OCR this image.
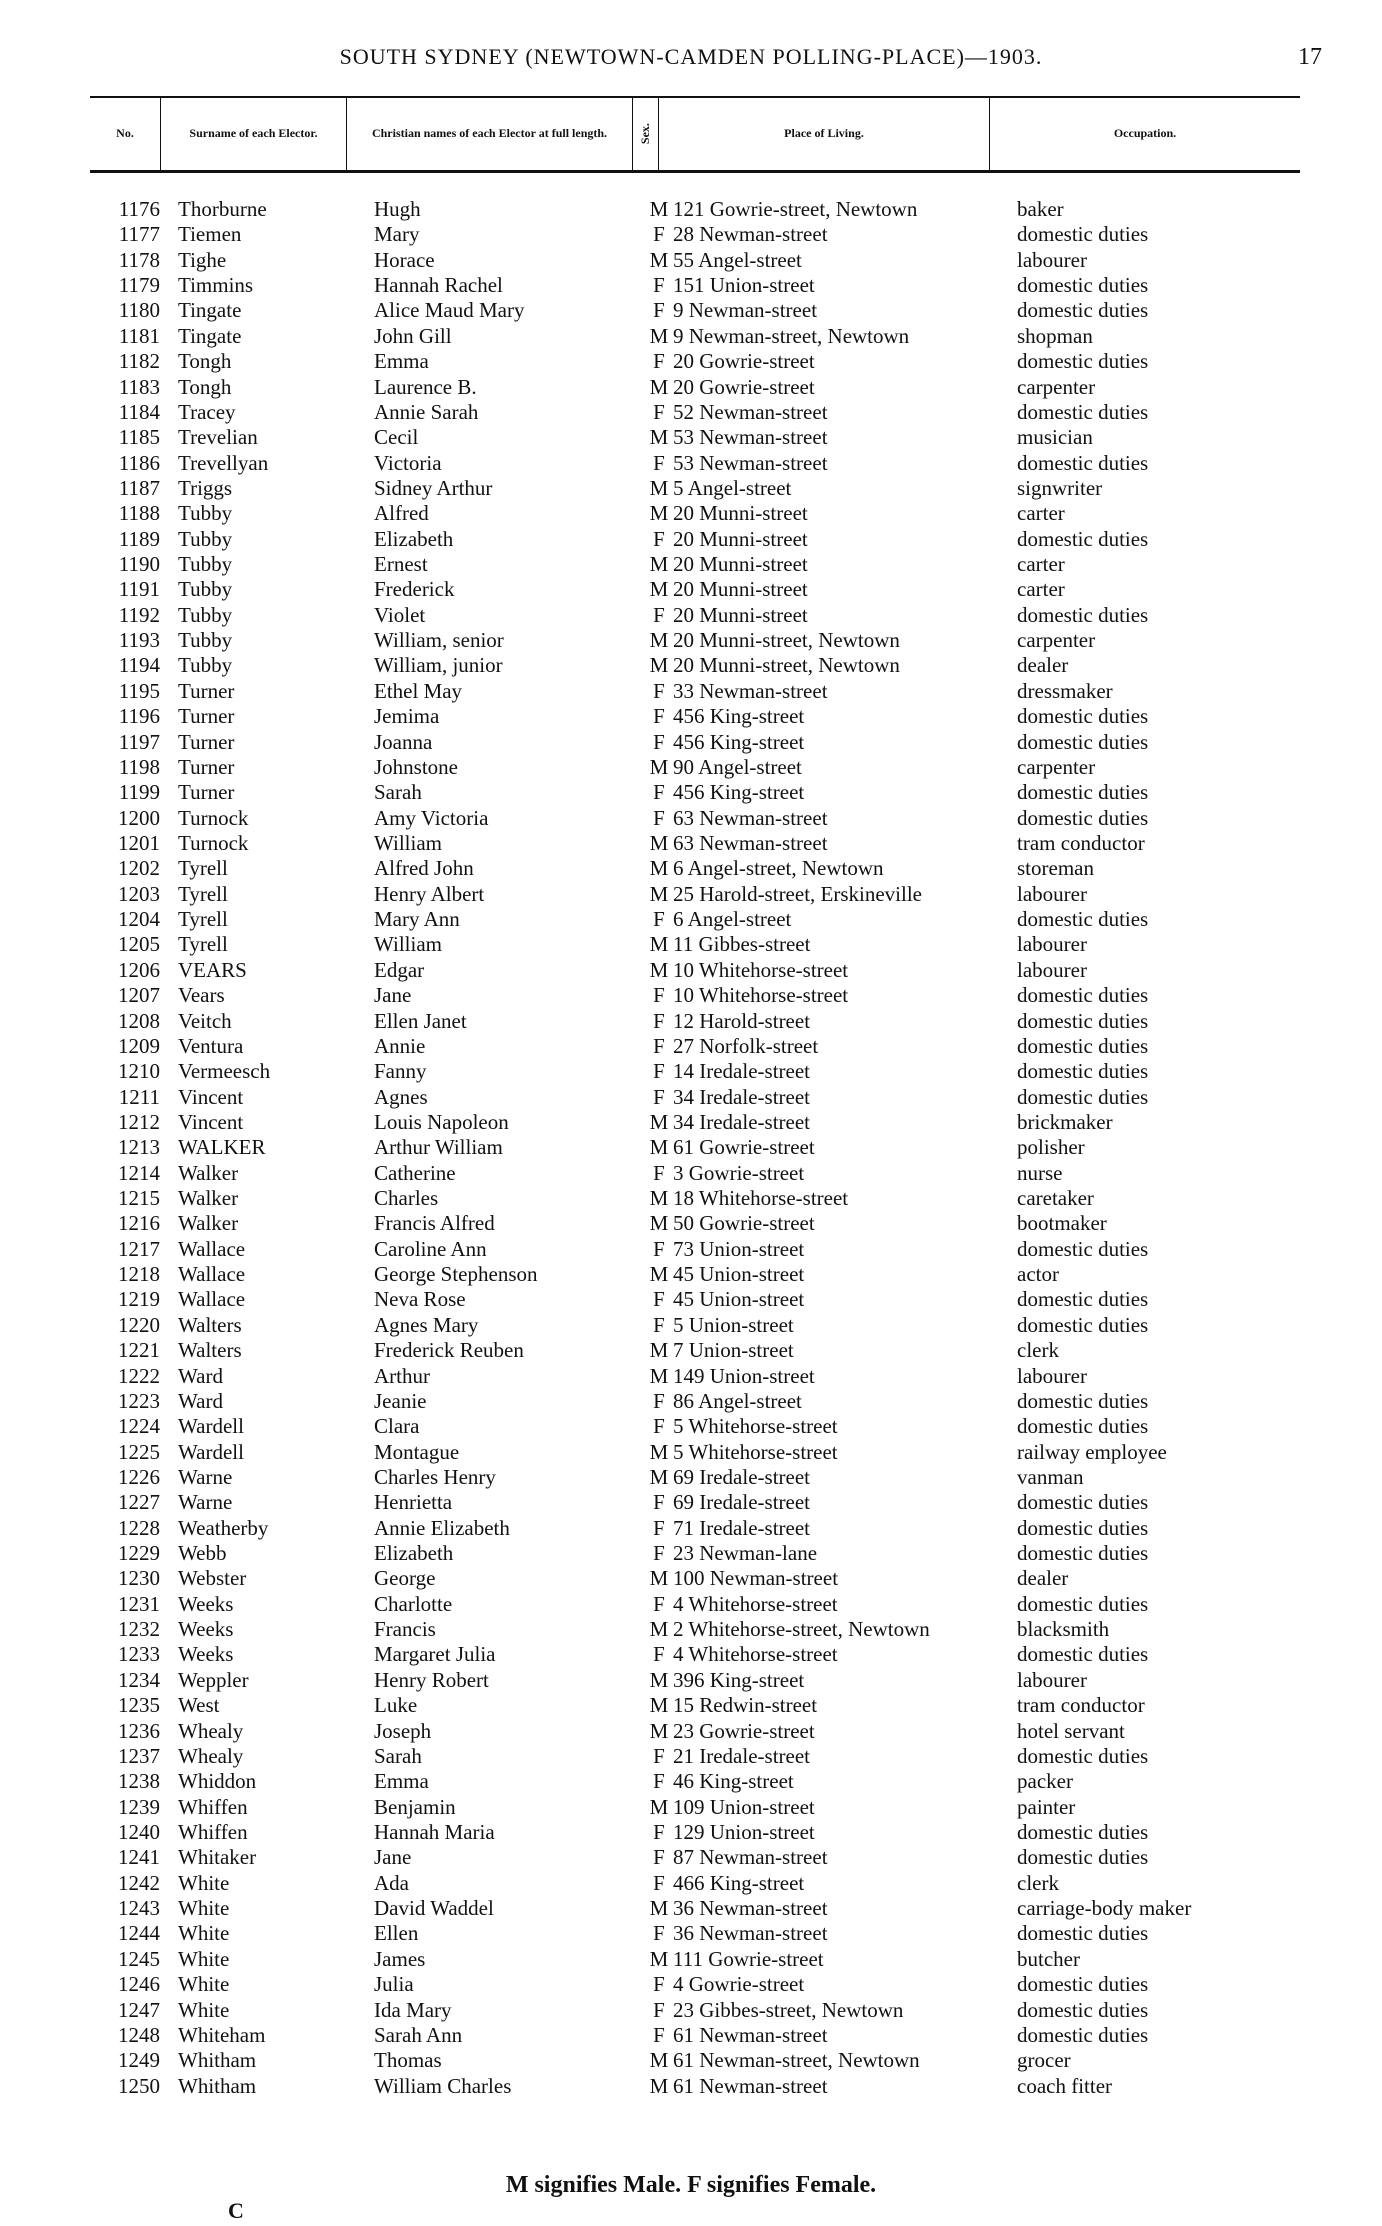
SOUTH SYDNEY (NEWTOWN-CAMDEN POLLING-PLACE)—1903.	17
No.	Surname of each Elector.	Christian names of each Elector at full length.	Sex.	Place of Living.	Occupation.
1176 Thorburne	Hugh	M 121 Gowrie-street, Newtown	baker
1177 Tiemen	Mary	F 28 Newman-street	domestic duties
1178 Tighe	Horace	M 55 Angel-street	labourer
1179 Timmins	Hannah Rachel	F 151 Union-street	domestic duties
1180 Tingate	Alice Maud Mary	F 9 Newman-street	domestic duties
1181 Tingate	John Gill	M 9 Newman-street, Newtown	shopman
1182 Tongh	Emma	F 20 Gowrie-street	domestic duties
1183 Tongh	Laurence B.	M 20 Gowrie-street	carpenter
1184 Tracey	Annie Sarah	F 52 Newman-street	domestic duties
1185 Trevelian	Cecil	M 53 Newman-street	musician
1186 Trevellyan	Victoria	F 53 Newman-street	domestic duties
1187 Triggs	Sidney Arthur	M 5 Angel-street	signwriter
1188 Tubby	Alfred	M 20 Munni-street	carter
1189 Tubby	Elizabeth	F 20 Munni-street	domestic duties
1190 Tubby	Ernest	M 20 Munni-street	carter
1191 Tubby	Frederick	M 20 Munni-street	carter
1192 Tubby	Violet	F 20 Munni-street	domestic duties
1193 Tubby	William, senior	M 20 Munni-street, Newtown	carpenter
1194 Tubby	William, junior	M 20 Munni-street, Newtown	dealer
1195 Turner	Ethel May	F 33 Newman-street	dressmaker
1196 Turner	Jemima	F 456 King-street	domestic duties
1197 Turner	Joanna	F 456 King-street	domestic duties
1198 Turner	Johnstone	M 90 Angel-street	carpenter
1199 Turner	Sarah	F 456 King-street	domestic duties
1200 Turnock	Amy Victoria	F 63 Newman-street	domestic duties
1201 Turnock	William	M 63 Newman-street	tram conductor
1202 Tyrell	Alfred John	M 6 Angel-street, Newtown	storeman
1203 Tyrell	Henry Albert	M 25 Harold-street, Erskineville	labourer
1204 Tyrell	Mary Ann	F 6 Angel-street	domestic duties
1205 Tyrell	William	M 11 Gibbes-street	labourer
1206 VEARS	Edgar	M 10 Whitehorse-street	labourer
1207 Vears	Jane	F 10 Whitehorse-street	domestic duties
1208 Veitch	Ellen Janet	F 12 Harold-street	domestic duties
1209 Ventura	Annie	F 27 Norfolk-street	domestic duties
1210 Vermeesch	Fanny	F 14 Iredale-street	domestic duties
1211 Vincent	Agnes	F 34 Iredale-street	domestic duties
1212 Vincent	Louis Napoleon	M 34 Iredale-street	brickmaker
1213 WALKER	Arthur William	M 61 Gowrie-street	polisher
1214 Walker	Catherine	F 3 Gowrie-street	nurse
1215 Walker	Charles	M 18 Whitehorse-street	caretaker
1216 Walker	Francis Alfred	M 50 Gowrie-street	bootmaker
1217 Wallace	Caroline Ann	F 73 Union-street	domestic duties
1218 Wallace	George Stephenson	M 45 Union-street	actor
1219 Wallace	Neva Rose	F 45 Union-street	domestic duties
1220 Walters	Agnes Mary	F 5 Union-street	domestic duties
1221 Walters	Frederick Reuben	M 7 Union-street	clerk
1222 Ward	Arthur	M 149 Union-street	labourer
1223 Ward	Jeanie	F 86 Angel-street	domestic duties
1224 Wardell	Clara	F 5 Whitehorse-street	domestic duties
1225 Wardell	Montague	M 5 Whitehorse-street	railway employee
1226 Warne	Charles Henry	M 69 Iredale-street	vanman
1227 Warne	Henrietta	F 69 Iredale-street	domestic duties
1228 Weatherby	Annie Elizabeth	F 71 Iredale-street	domestic duties
1229 Webb	Elizabeth	F 23 Newman-lane	domestic duties
1230 Webster	George	M 100 Newman-street	dealer
1231 Weeks	Charlotte	F 4 Whitehorse-street	domestic duties
1232 Weeks	Francis	M 2 Whitehorse-street, Newtown	blacksmith
1233 Weeks	Margaret Julia	F 4 Whitehorse-street	domestic duties
1234 Weppler	Henry Robert	M 396 King-street	labourer
1235 West	Luke	M 15 Redwin-street	tram conductor
1236 Whealy	Joseph	M 23 Gowrie-street	hotel servant
1237 Whealy	Sarah	F 21 Iredale-street	domestic duties
1238 Whiddon	Emma	F 46 King-street	packer
1239 Whiffen	Benjamin	M 109 Union-street	painter
1240 Whiffen	Hannah Maria	F 129 Union-street	domestic duties
1241 Whitaker	Jane	F 87 Newman-street	domestic duties
1242 White	Ada	F 466 King-street	clerk
1243 White	David Waddel	M 36 Newman-street	carriage-body maker
1244 White	Ellen	F 36 Newman-street	domestic duties
1245 White	James	M 111 Gowrie-street	butcher
1246 White	Julia	F 4 Gowrie-street	domestic duties
1247 White	Ida Mary	F 23 Gibbes-street, Newtown	domestic duties
1248 Whiteham	Sarah Ann	F 61 Newman-street	domestic duties
1249 Whitham	Thomas	M 61 Newman-street, Newtown	grocer
1250 Whitham	William Charles	M 61 Newman-street	coach fitter
M signifies Male. F signifies Female.
C
